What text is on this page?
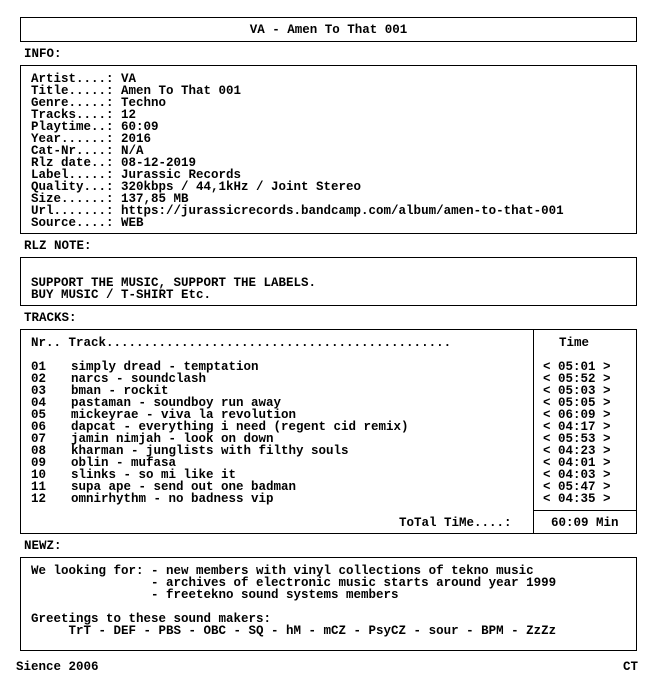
VA - Amen To That 001
INFO:
Artist....: VA
Title.....: Amen To That 001
Genre.....: Techno
Tracks....: 12
Playtime..: 60:09
Year......: 2016
Cat-Nr....: N/A
Rlz date..: 08-12-2019
Label.....: Jurassic Records
Quality...: 320kbps / 44,1kHz / Joint Stereo
Size......: 137,85 MB
Url.......: https://jurassicrecords.bandcamp.com/album/amen-to-that-001
Source....: WEB
RLZ NOTE:
SUPPORT THE MUSIC, SUPPORT THE LABELS.
BUY MUSIC / T-SHIRT Etc.
TRACKS:
Nr.. Track..............................................	Time
01 simply dread - temptation	< 05:01 >
02 narcs - soundclash	< 05:52 >
03 bman - rockit	< 05:03 >
04 pastaman - soundboy run away	< 05:05 >
05 mickeyrae - viva la revolution	< 06:09 >
06 dapcat - everything i need (regent cid remix)	< 04:17 >
07 jamin nimjah - look on down	< 05:53 >
08 kharman - junglists with filthy souls	< 04:23 >
09 oblin - mufasa	< 04:01 >
10 slinks - so mi like it	< 04:03 >
11 supa ape - send out one badman	< 05:47 >
12 omnirhythm - no badness vip	< 04:35 >
ToTal TiMe....:	60:09 Min
NEWZ:
We looking for: - new members with vinyl collections of tekno music
- archives of electronic music starts around year 1999
- freetekno sound systems members
Greetings to these sound makers:
TrT - DEF - PBS - OBC - SQ - hM - mCZ - PsyCZ - sour - BPM - ZzZz
Sience 2006	CT
